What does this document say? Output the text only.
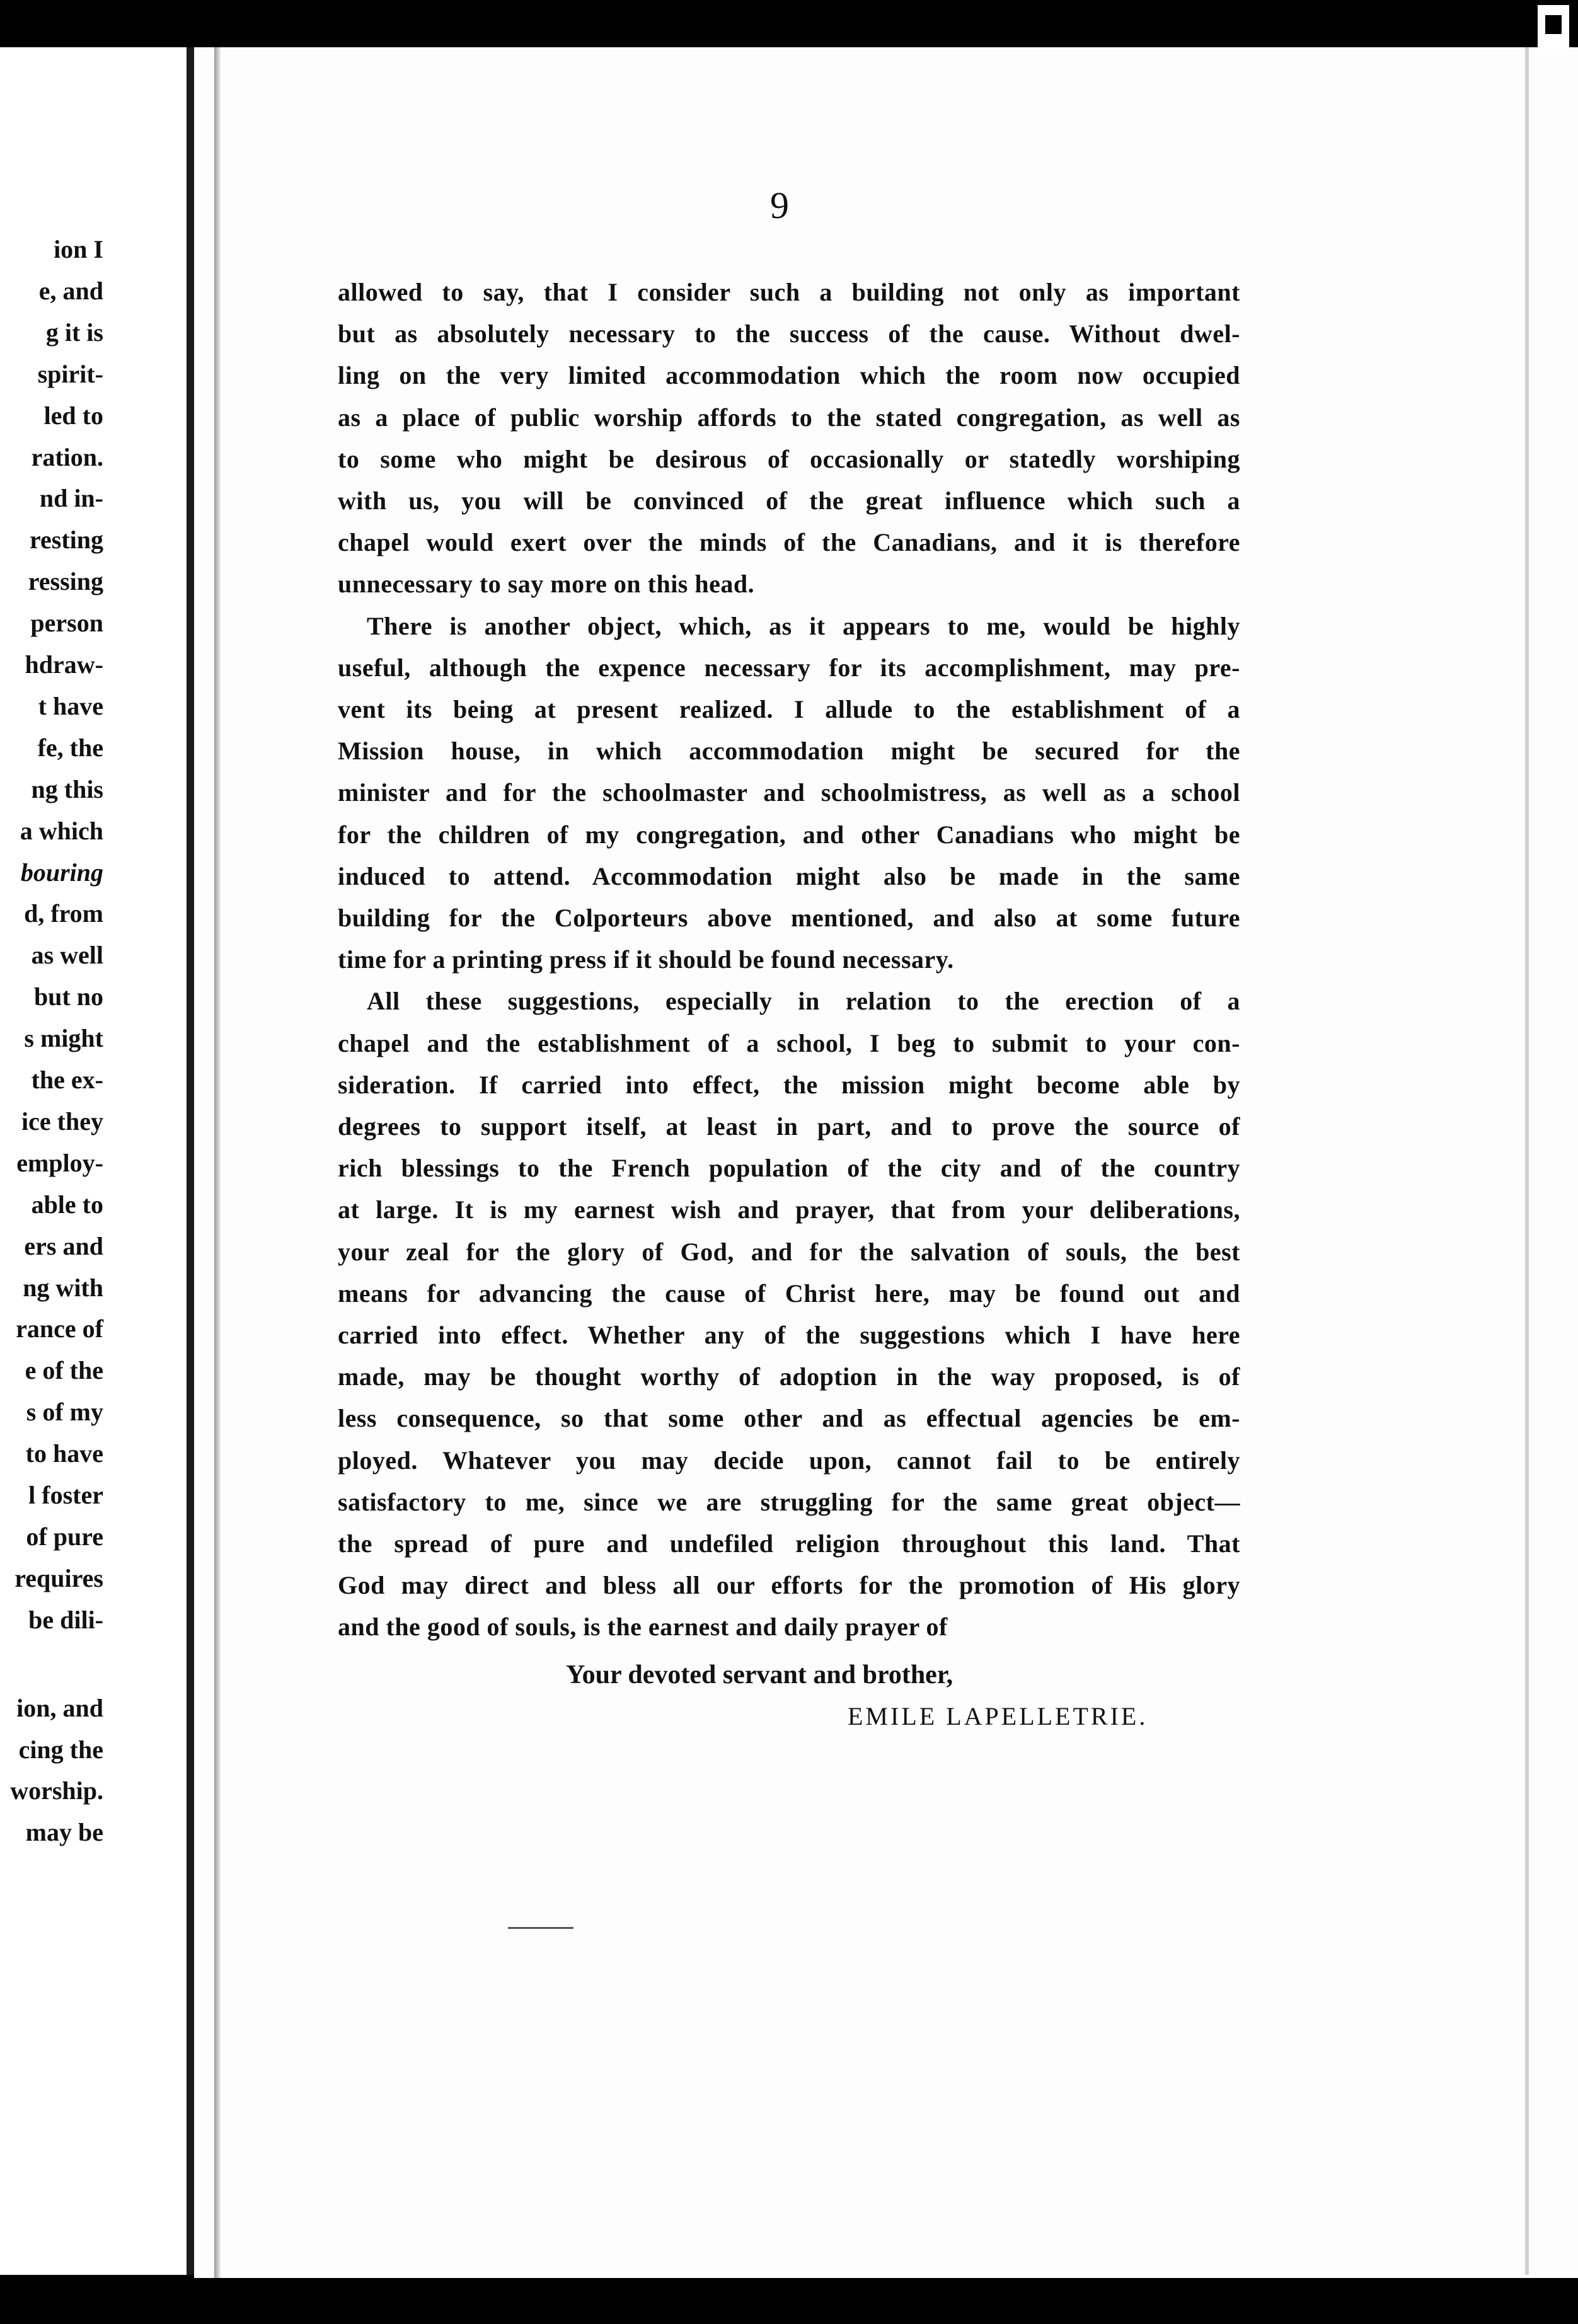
ion I
e, and
g it is
spirit-
led to
ration.
nd in-
resting
ressing
person
hdraw-
t have
fe, the
ng this
a which
bouring
d, from
as well
but no
s might
the ex-
ice they
employ-
able to
ers and
ng with
rance of
e of the
s of my
to have
l foster
of pure
requires
be dili-
ion, and
cing the
worship.
may be
9
allowed to say, that I consider such a building not only as important
but as absolutely necessary to the success of the cause. Without dwel-
ling on the very limited accommodation which the room now occupied
as a place of public worship affords to the stated congregation, as well as
to some who might be desirous of occasionally or statedly worshiping
with us, you will be convinced of the great influence which such a
chapel would exert over the minds of the Canadians, and it is therefore
unnecessary to say more on this head.
There is another object, which, as it appears to me, would be highly
useful, although the expence necessary for its accomplishment, may pre-
vent its being at present realized. I allude to the establishment of a
Mission house, in which accommodation might be secured for the
minister and for the schoolmaster and schoolmistress, as well as a school
for the children of my congregation, and other Canadians who might be
induced to attend. Accommodation might also be made in the same
building for the Colporteurs above mentioned, and also at some future
time for a printing press if it should be found necessary.
All these suggestions, especially in relation to the erection of a
chapel and the establishment of a school, I beg to submit to your con-
sideration. If carried into effect, the mission might become able by
degrees to support itself, at least in part, and to prove the source of
rich blessings to the French population of the city and of the country
at large. It is my earnest wish and prayer, that from your deliberations,
your zeal for the glory of God, and for the salvation of souls, the best
means for advancing the cause of Christ here, may be found out and
carried into effect. Whether any of the suggestions which I have here
made, may be thought worthy of adoption in the way proposed, is of
less consequence, so that some other and as effectual agencies be em-
ployed. Whatever you may decide upon, cannot fail to be entirely
satisfactory to me, since we are struggling for the same great object—
the spread of pure and undefiled religion throughout this land. That
God may direct and bless all our efforts for the promotion of His glory
and the good of souls, is the earnest and daily prayer of
Your devoted servant and brother,
EMILE LAPELLETRIE.
